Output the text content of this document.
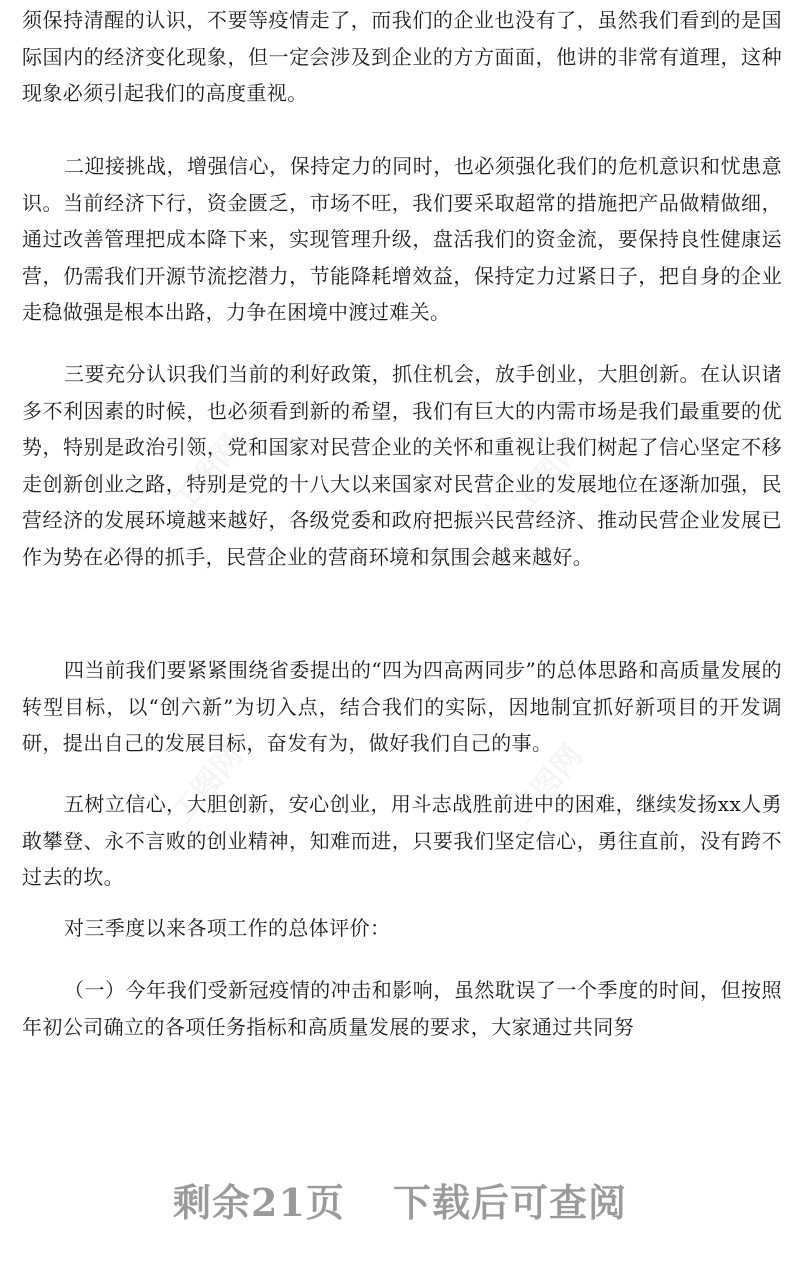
须保持清醒的认识，不要等疫情走了，而我们的企业也没有了，虽然我们看到的是国际国内的经济变化现象，但一定会涉及到企业的方方面面，他讲的非常有道理，这种现象必须引起我们的高度重视。

二迎接挑战，增强信心，保持定力的同时，也必须强化我们的危机意识和忧患意识。当前经济下行，资金匮乏，市场不旺，我们要采取超常的措施把产品做精做细，通过改善管理把成本降下来，实现管理升级，盘活我们的资金流，要保持良性健康运营，仍需我们开源节流挖潜力，节能降耗增效益，保持定力过紧日子，把自身的企业走稳做强是根本出路，力争在困境中渡过难关。

三要充分认识我们当前的利好政策，抓住机会，放手创业，大胆创新。在认识诸多不利因素的时候，也必须看到新的希望，我们有巨大的内需市场是我们最重要的优势，特别是政治引领，党和国家对民营企业的关怀和重视让我们树起了信心坚定不移走创新创业之路，特别是党的十八大以来国家对民营企业的发展地位在逐渐加强，民营经济的发展环境越来越好，各级党委和政府把振兴民营经济、推动民营企业发展已作为势在必得的抓手，民营企业的营商环境和氛围会越来越好。

四当前我们要紧紧围绕省委提出的“四为四高两同步”的总体思路和高质量发展的转型目标，以“创六新”为切入点，结合我们的实际，因地制宜抓好新项目的开发调研，提出自己的发展目标，奋发有为，做好我们自己的事。

五树立信心，大胆创新，安心创业，用斗志战胜前进中的困难，继续发扬xx人勇敢攀登、永不言败的创业精神，知难而进，只要我们坚定信心，勇往直前，没有跨不过去的坎。

对三季度以来各项工作的总体评价：

（一）今年我们受新冠疫情的冲击和影响，虽然耽误了一个季度的时间，但按照年初公司确立的各项任务指标和高质量发展的要求，大家通过共同努

工图网	工图网
工图网	工图网
剩余21页 下载后可查阅
